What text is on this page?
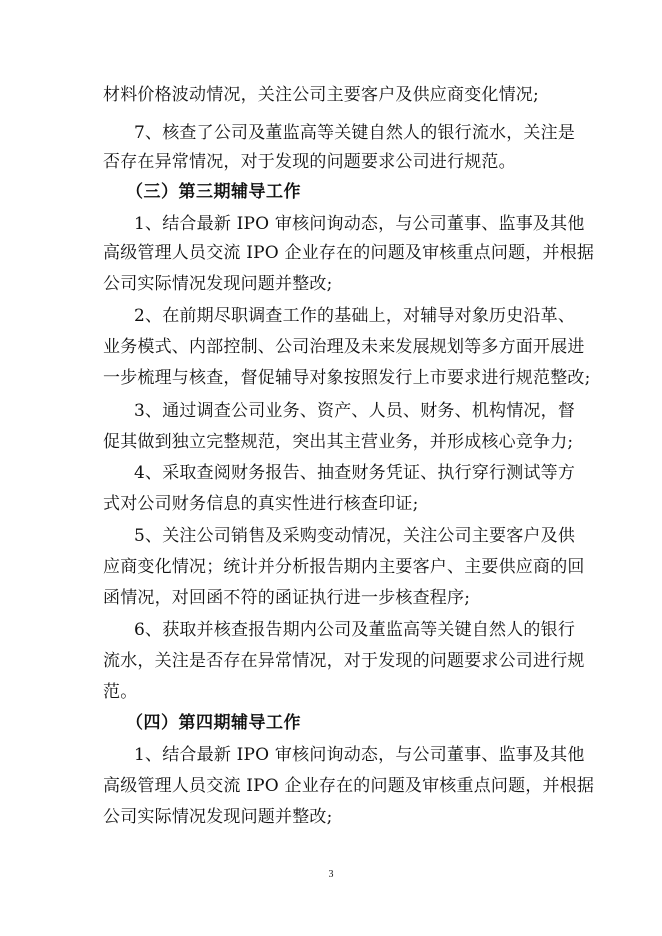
材料价格波动情况，关注公司主要客户及供应商变化情况;
7、核查了公司及董监高等关键自然人的银行流水，关注是
否存在异常情况，对于发现的问题要求公司进行规范。
（三）第三期辅导工作
1、结合最新 IPO 审核问询动态，与公司董事、监事及其他
高级管理人员交流 IPO 企业存在的问题及审核重点问题，并根据
公司实际情况发现问题并整改;
2、在前期尽职调查工作的基础上，对辅导对象历史沿革、
业务模式、内部控制、公司治理及未来发展规划等多方面开展进
一步梳理与核查，督促辅导对象按照发行上市要求进行规范整改;
3、通过调查公司业务、资产、人员、财务、机构情况，督
促其做到独立完整规范，突出其主营业务，并形成核心竞争力;
4、采取查阅财务报告、抽查财务凭证、执行穿行测试等方
式对公司财务信息的真实性进行核查印证;
5、关注公司销售及采购变动情况，关注公司主要客户及供
应商变化情况；统计并分析报告期内主要客户、主要供应商的回
函情况，对回函不符的函证执行进一步核查程序;
6、获取并核查报告期内公司及董监高等关键自然人的银行
流水，关注是否存在异常情况，对于发现的问题要求公司进行规
范。
（四）第四期辅导工作
1、结合最新 IPO 审核问询动态，与公司董事、监事及其他
高级管理人员交流 IPO 企业存在的问题及审核重点问题，并根据
公司实际情况发现问题并整改;
3
